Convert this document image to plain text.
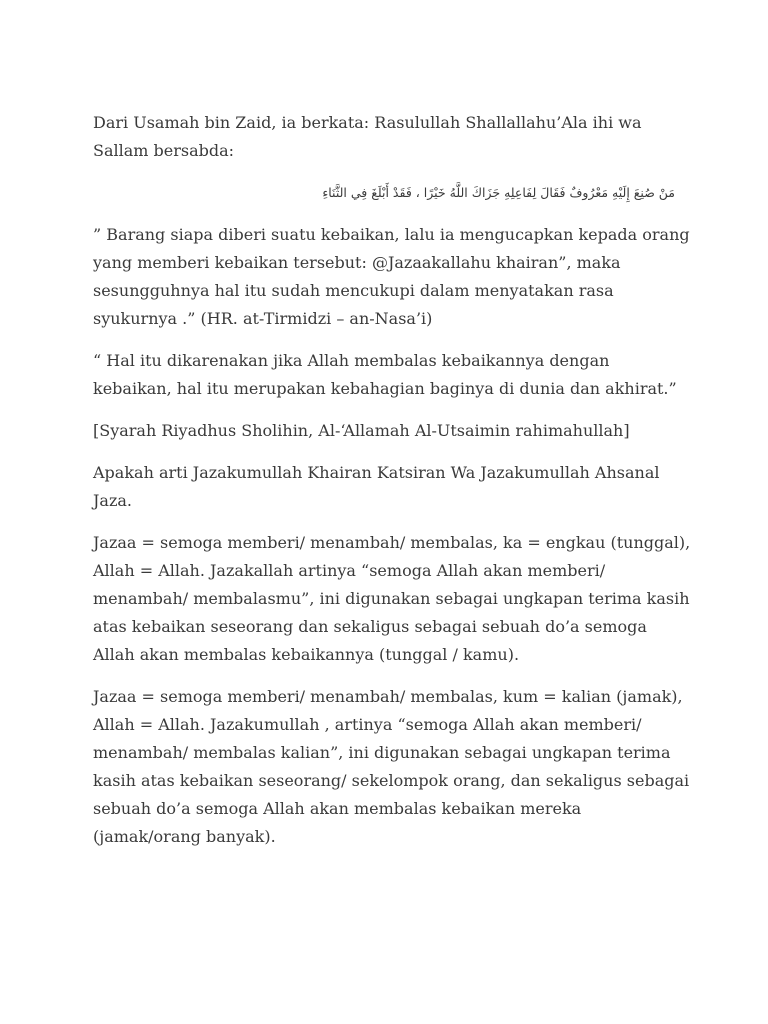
Dari Usamah bin Zaid, ia berkata: Rasulullah Shallallahu’Ala ihi wa Sallam bersabda:

مَنْ صُنِعَ إِلَيْهِ مَعْرُوفٌ فَقَالَ لِفَاعِلِهِ جَزَاكَ اللَّهُ خَيْرًا ، فَقَدْ أَبْلَغَ فِي الثَّنَاءِ

” Barang siapa diberi suatu kebaikan, lalu ia mengucapkan kepada orang yang memberi kebaikan tersebut: @Jazaakallahu khairan”, maka sesungguhnya hal itu sudah mencukupi dalam menyatakan rasa syukurnya .” (HR. at-Tirmidzi – an-Nasa’i)

“ Hal itu dikarenakan jika Allah membalas kebaikannya dengan kebaikan, hal itu merupakan kebahagian baginya di dunia dan akhirat.”

[Syarah Riyadhus Sholihin, Al-‘Allamah Al-Utsaimin rahimahullah]

Apakah arti Jazakumullah Khairan Katsiran Wa Jazakumullah Ahsanal Jaza.

Jazaa = semoga memberi/ menambah/ membalas, ka = engkau (tunggal), Allah = Allah. Jazakallah artinya “semoga Allah akan memberi/ menambah/ membalasmu”, ini digunakan sebagai ungkapan terima kasih atas kebaikan seseorang dan sekaligus sebagai sebuah do’a semoga Allah akan membalas kebaikannya (tunggal / kamu).

Jazaa = semoga memberi/ menambah/ membalas, kum = kalian (jamak), Allah = Allah. Jazakumullah , artinya “semoga Allah akan memberi/ menambah/ membalas kalian”, ini digunakan sebagai ungkapan terima kasih atas kebaikan seseorang/ sekelompok orang, dan sekaligus sebagai sebuah do’a semoga Allah akan membalas kebaikan mereka (jamak/orang banyak).
